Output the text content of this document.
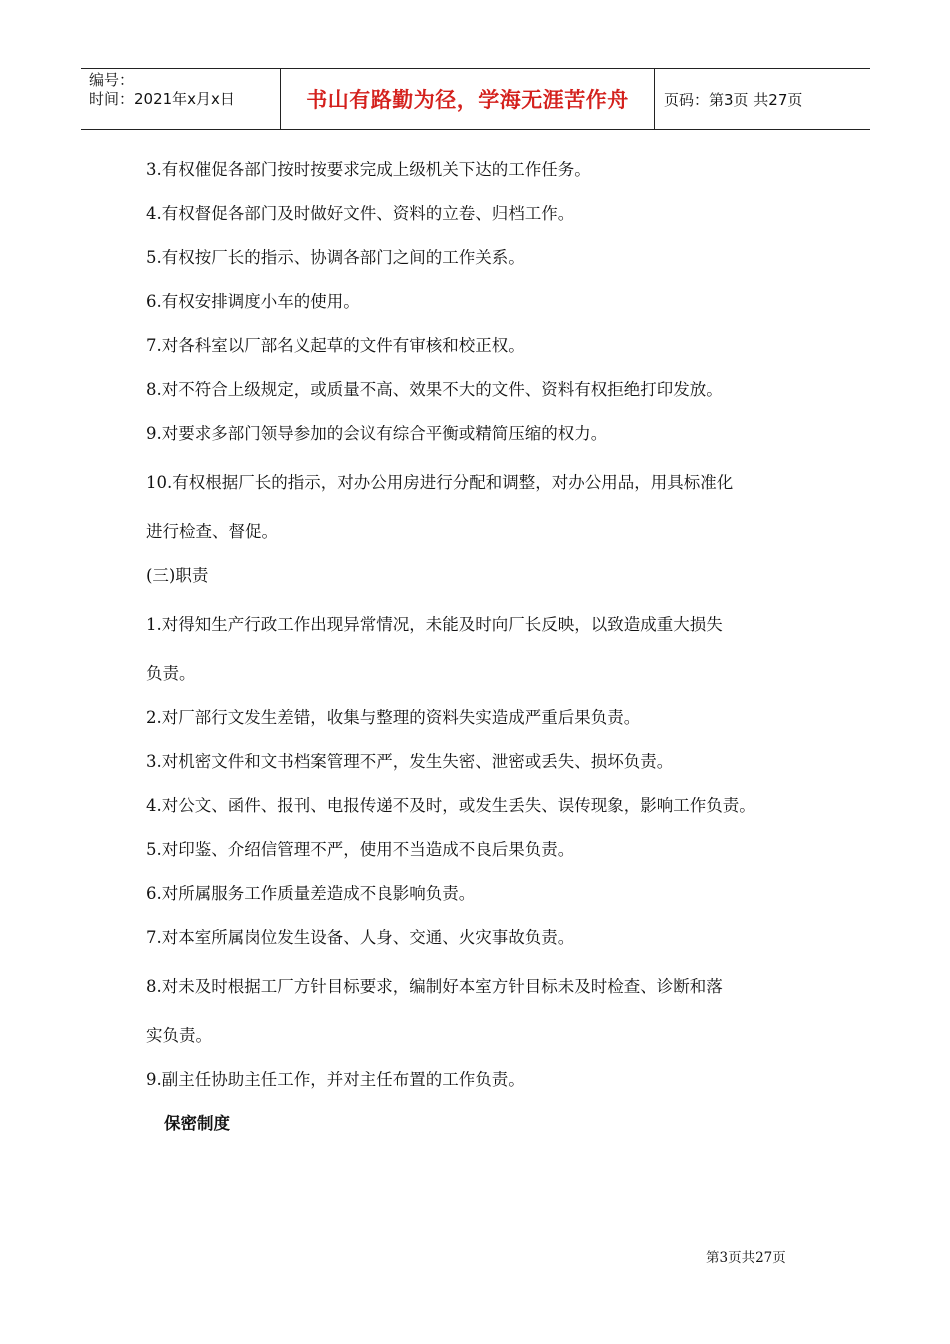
编号：
时间：2021年x月x日	书山有路勤为径，学海无涯苦作舟	页码：第3页 共27页
3.有权催促各部门按时按要求完成上级机关下达的工作任务。
4.有权督促各部门及时做好文件、资料的立卷、归档工作。
5.有权按厂长的指示、协调各部门之间的工作关系。
6.有权安排调度小车的使用。
7.对各科室以厂部名义起草的文件有审核和校正权。
8.对不符合上级规定，或质量不高、效果不大的文件、资料有权拒绝打印发放。
9.对要求多部门领导参加的会议有综合平衡或精简压缩的权力。
10.有权根据厂长的指示，对办公用房进行分配和调整，对办公用品，用具标准化
进行检查、督促。
(三)职责
1.对得知生产行政工作出现异常情况，未能及时向厂长反映，以致造成重大损失
负责。
2.对厂部行文发生差错，收集与整理的资料失实造成严重后果负责。
3.对机密文件和文书档案管理不严，发生失密、泄密或丢失、损坏负责。
4.对公文、函件、报刊、电报传递不及时，或发生丢失、误传现象，影响工作负责。
5.对印鉴、介绍信管理不严，使用不当造成不良后果负责。
6.对所属服务工作质量差造成不良影响负责。
7.对本室所属岗位发生设备、人身、交通、火灾事故负责。
8.对未及时根据工厂方针目标要求，编制好本室方针目标未及时检查、诊断和落
实负责。
9.副主任协助主任工作，并对主任布置的工作负责。
保密制度
第3页共27页
